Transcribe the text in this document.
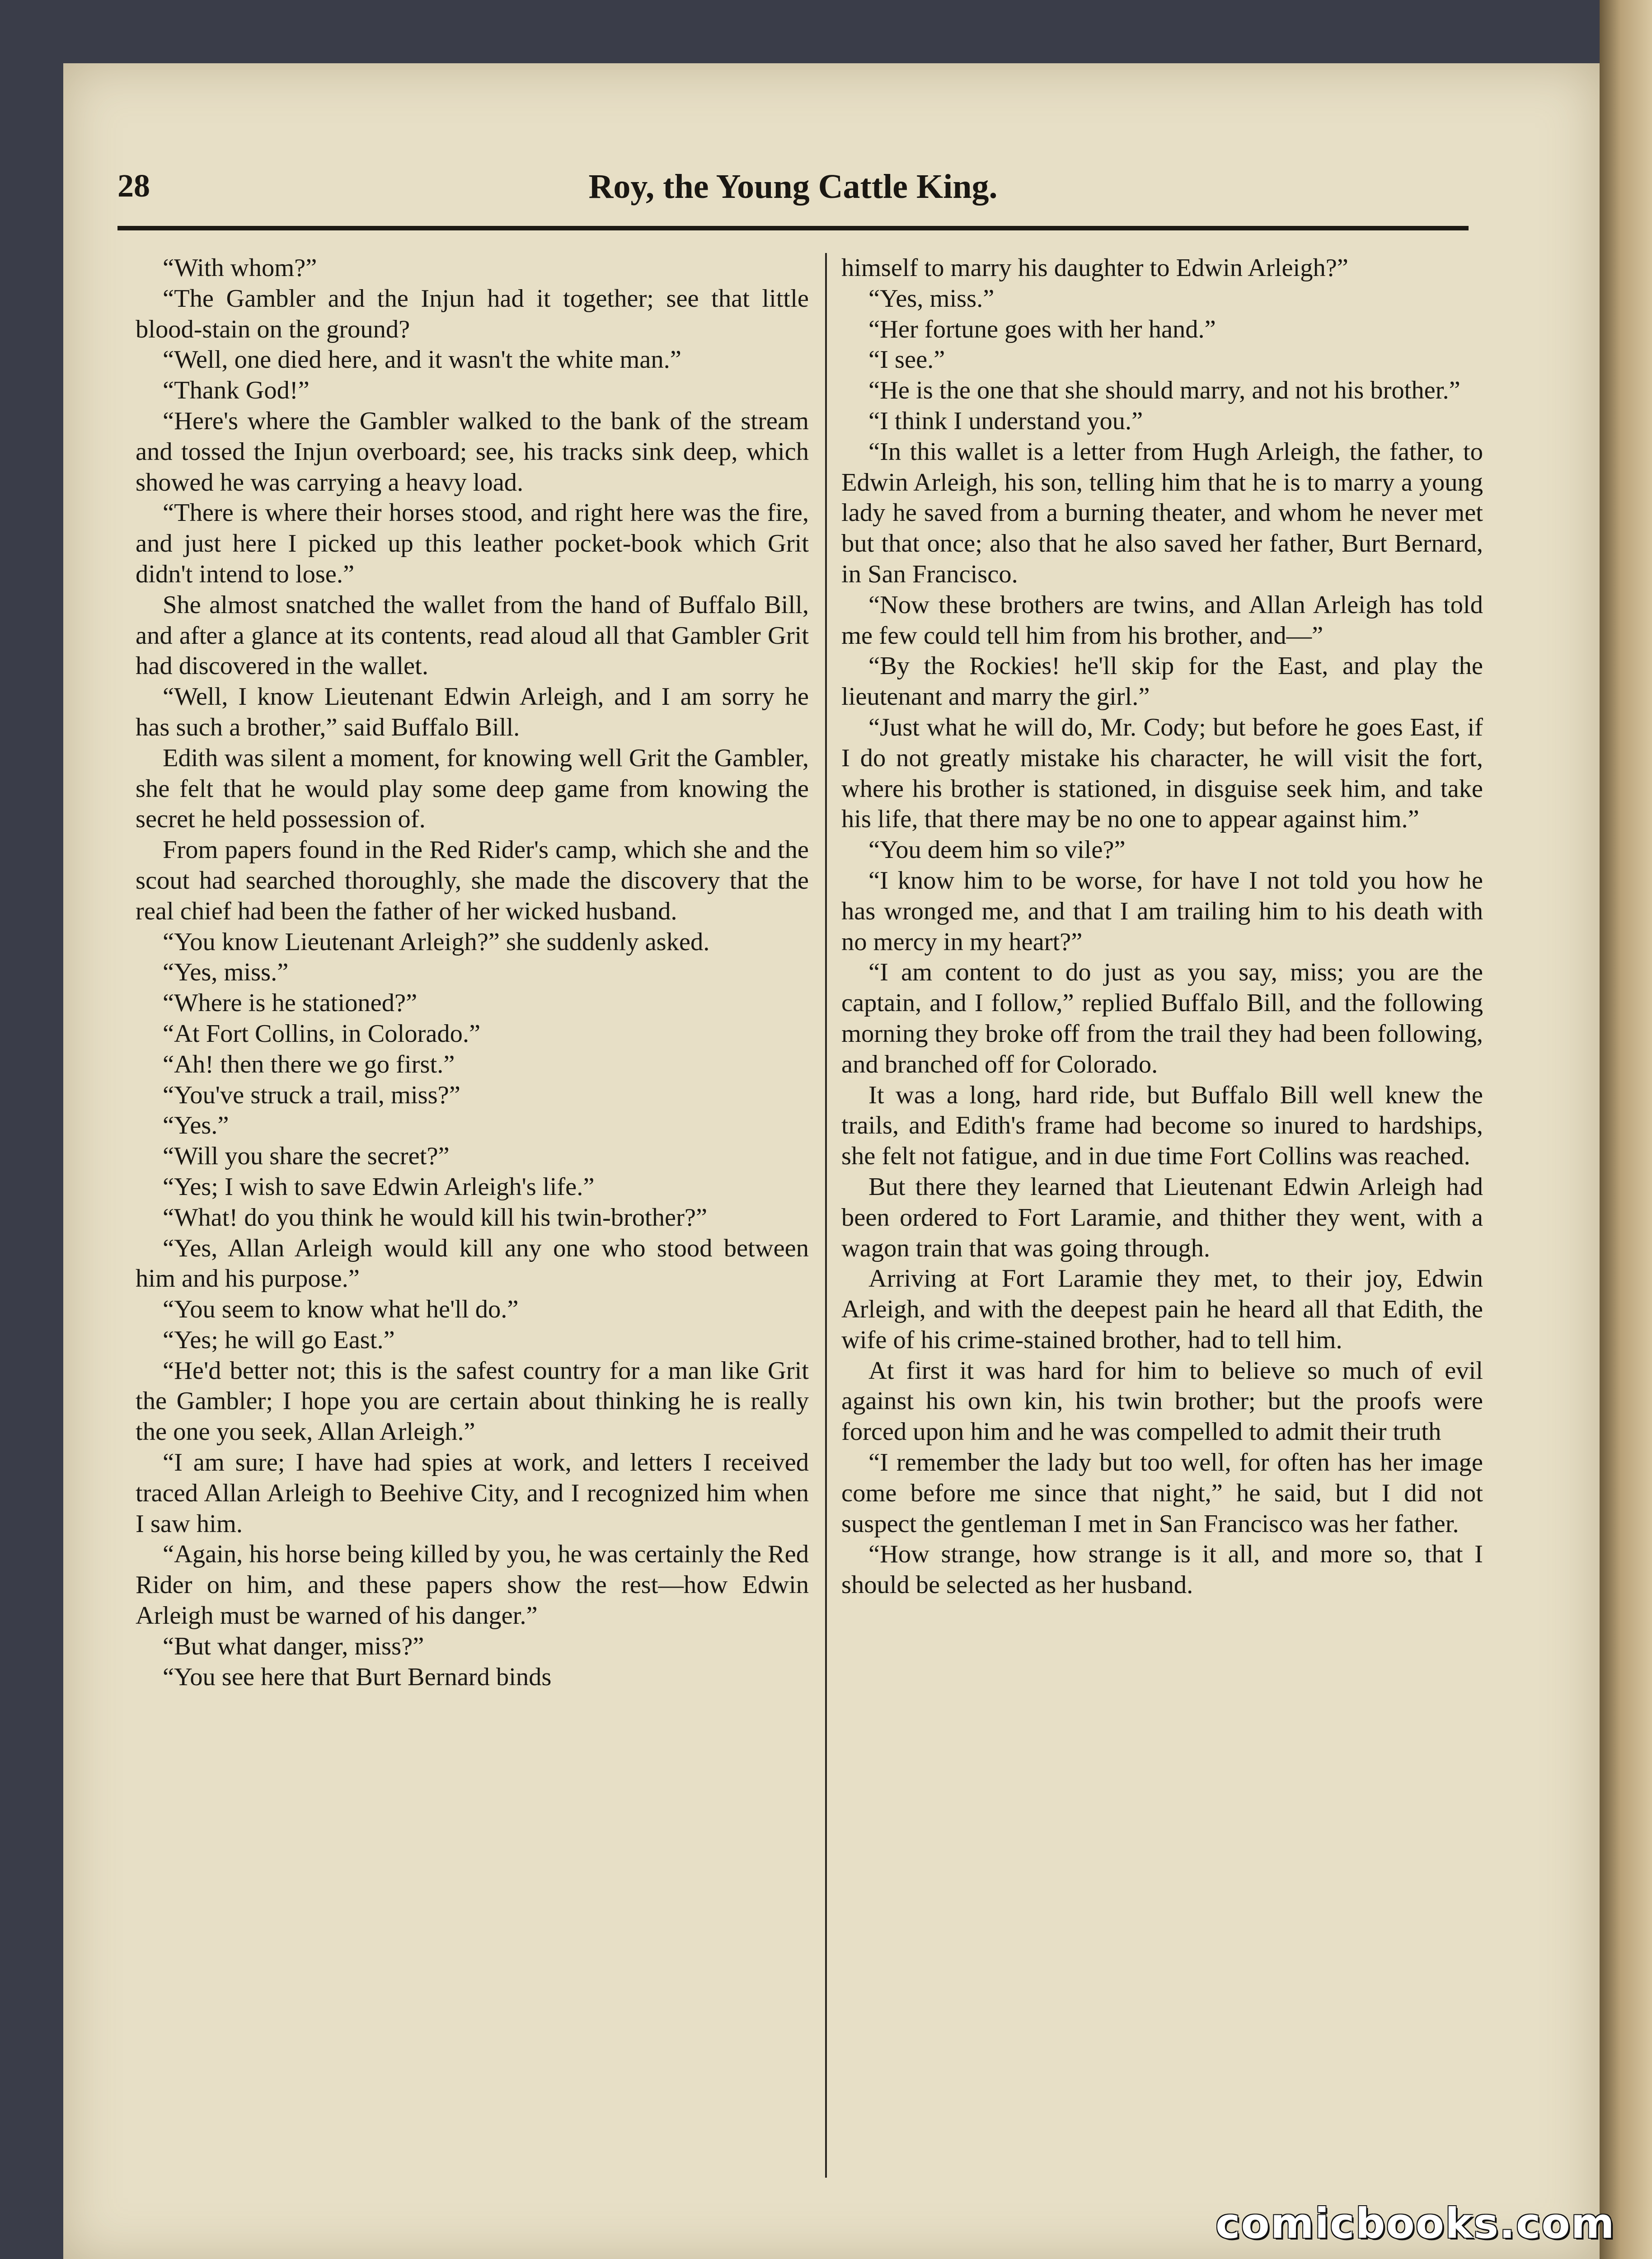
28	Roy, the Young Cattle King.

“With whom?”

“The Gambler and the Injun had it together; see that little blood-stain on the ground?

“Well, one died here, and it wasn't the white man.”

“Thank God!”

“Here's where the Gambler walked to the bank of the stream and tossed the Injun overboard; see, his tracks sink deep, which showed he was carrying a heavy load.

“There is where their horses stood, and right here was the fire, and just here I picked up this leather pocket-book which Grit didn't intend to lose.”

She almost snatched the wallet from the hand of Buffalo Bill, and after a glance at its contents, read aloud all that Gambler Grit had discovered in the wallet.

“Well, I know Lieutenant Edwin Arleigh, and I am sorry he has such a brother,” said Buffalo Bill.

Edith was silent a moment, for knowing well Grit the Gambler, she felt that he would play some deep game from knowing the secret he held possession of.

From papers found in the Red Rider's camp, which she and the scout had searched thoroughly, she made the discovery that the real chief had been the father of her wicked husband.

“You know Lieutenant Arleigh?” she suddenly asked.

“Yes, miss.”

“Where is he stationed?”

“At Fort Collins, in Colorado.”

“Ah! then there we go first.”

“You've struck a trail, miss?”

“Yes.”

“Will you share the secret?”

“Yes; I wish to save Edwin Arleigh's life.”

“What! do you think he would kill his twin-brother?”

“Yes, Allan Arleigh would kill any one who stood between him and his purpose.”

“You seem to know what he'll do.”

“Yes; he will go East.”

“He'd better not; this is the safest country for a man like Grit the Gambler; I hope you are certain about thinking he is really the one you seek, Allan Arleigh.”

“I am sure; I have had spies at work, and letters I received traced Allan Arleigh to Beehive City, and I recognized him when I saw him.

“Again, his horse being killed by you, he was certainly the Red Rider on him, and these papers show the rest—how Edwin Arleigh must be warned of his danger.”

“But what danger, miss?”

“You see here that Burt Bernard binds

himself to marry his daughter to Edwin Arleigh?”

“Yes, miss.”

“Her fortune goes with her hand.”

“I see.”

“He is the one that she should marry, and not his brother.”

“I think I understand you.”

“In this wallet is a letter from Hugh Arleigh, the father, to Edwin Arleigh, his son, telling him that he is to marry a young lady he saved from a burning theater, and whom he never met but that once; also that he also saved her father, Burt Bernard, in San Francisco.

“Now these brothers are twins, and Allan Arleigh has told me few could tell him from his brother, and—”

“By the Rockies! he'll skip for the East, and play the lieutenant and marry the girl.”

“Just what he will do, Mr. Cody; but before he goes East, if I do not greatly mistake his character, he will visit the fort, where his brother is stationed, in disguise seek him, and take his life, that there may be no one to appear against him.”

“You deem him so vile?”

“I know him to be worse, for have I not told you how he has wronged me, and that I am trailing him to his death with no mercy in my heart?”

“I am content to do just as you say, miss; you are the captain, and I follow,” replied Buffalo Bill, and the following morning they broke off from the trail they had been following, and branched off for Colorado.

It was a long, hard ride, but Buffalo Bill well knew the trails, and Edith's frame had become so inured to hardships, she felt not fatigue, and in due time Fort Collins was reached.

But there they learned that Lieutenant Edwin Arleigh had been ordered to Fort Laramie, and thither they went, with a wagon train that was going through.

Arriving at Fort Laramie they met, to their joy, Edwin Arleigh, and with the deepest pain he heard all that Edith, the wife of his crime-stained brother, had to tell him.

At first it was hard for him to believe so much of evil against his own kin, his twin brother; but the proofs were forced upon him and he was compelled to admit their truth

“I remember the lady but too well, for often has her image come before me since that night,” he said, but I did not suspect the gentleman I met in San Francisco was her father.

“How strange, how strange is it all, and more so, that I should be selected as her husband.

comicbooks.com
